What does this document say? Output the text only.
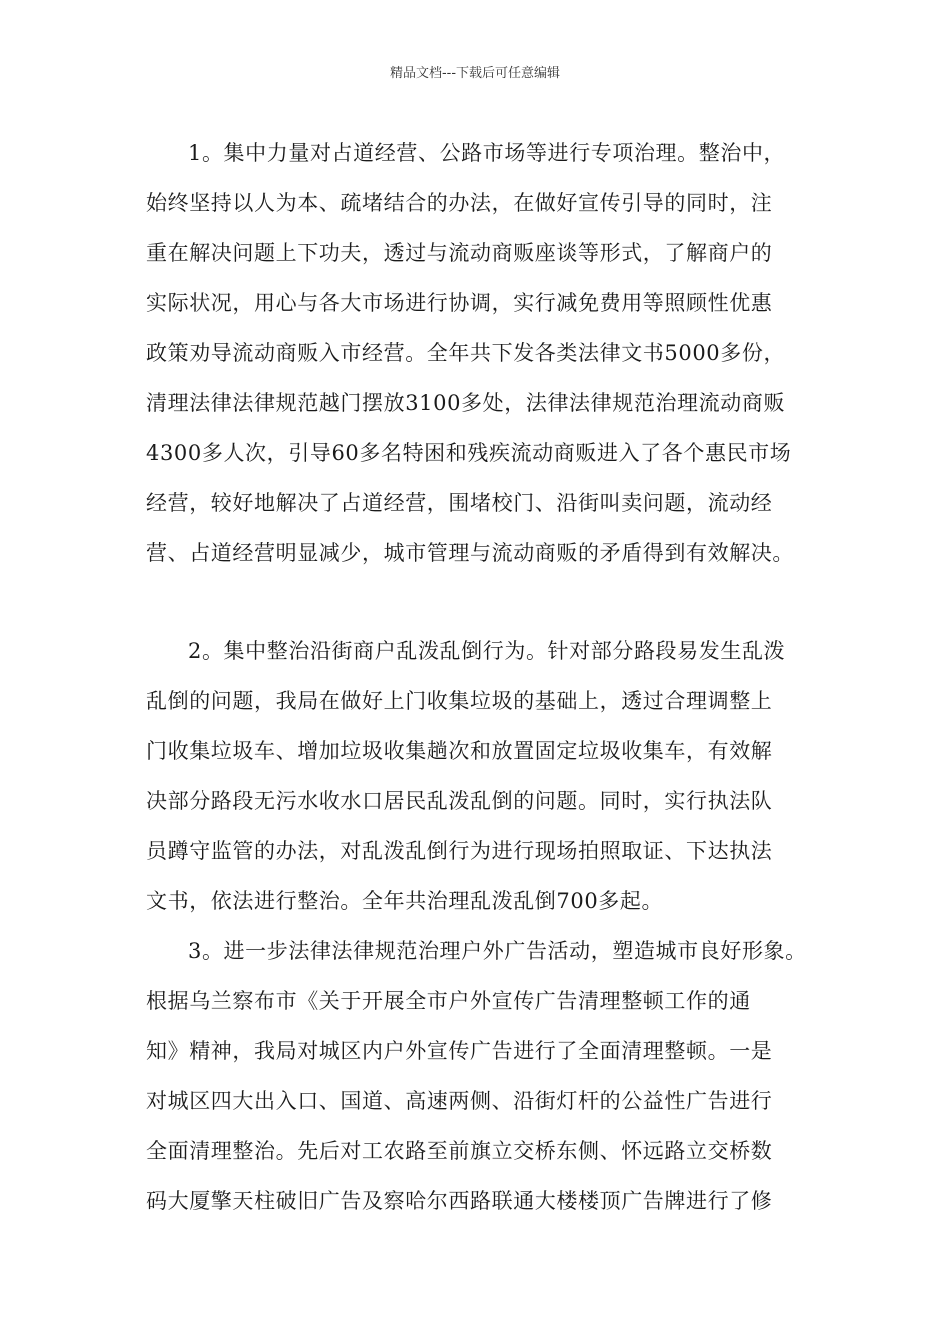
精品文档---下载后可任意编辑
1。集中力量对占道经营、公路市场等进行专项治理。整治中，
始终坚持以人为本、疏堵结合的办法，在做好宣传引导的同时，注
重在解决问题上下功夫，透过与流动商贩座谈等形式，了解商户的
实际状况，用心与各大市场进行协调，实行减免费用等照顾性优惠
政策劝导流动商贩入市经营。全年共下发各类法律文书5000多份，
清理法律法律规范越门摆放3100多处，法律法律规范治理流动商贩
4300多人次，引导60多名特困和残疾流动商贩进入了各个惠民市场
经营，较好地解决了占道经营，围堵校门、沿街叫卖问题，流动经
营、占道经营明显减少，城市管理与流动商贩的矛盾得到有效解决。
2。集中整治沿街商户乱泼乱倒行为。针对部分路段易发生乱泼
乱倒的问题，我局在做好上门收集垃圾的基础上，透过合理调整上
门收集垃圾车、增加垃圾收集趟次和放置固定垃圾收集车，有效解
决部分路段无污水收水口居民乱泼乱倒的问题。同时，实行执法队
员蹲守监管的办法，对乱泼乱倒行为进行现场拍照取证、下达执法
文书，依法进行整治。全年共治理乱泼乱倒700多起。
3。进一步法律法律规范治理户外广告活动，塑造城市良好形象。
根据乌兰察布市《关于开展全市户外宣传广告清理整顿工作的通
知》精神，我局对城区内户外宣传广告进行了全面清理整顿。一是
对城区四大出入口、国道、高速两侧、沿街灯杆的公益性广告进行
全面清理整治。先后对工农路至前旗立交桥东侧、怀远路立交桥数
码大厦擎天柱破旧广告及察哈尔西路联通大楼楼顶广告牌进行了修
